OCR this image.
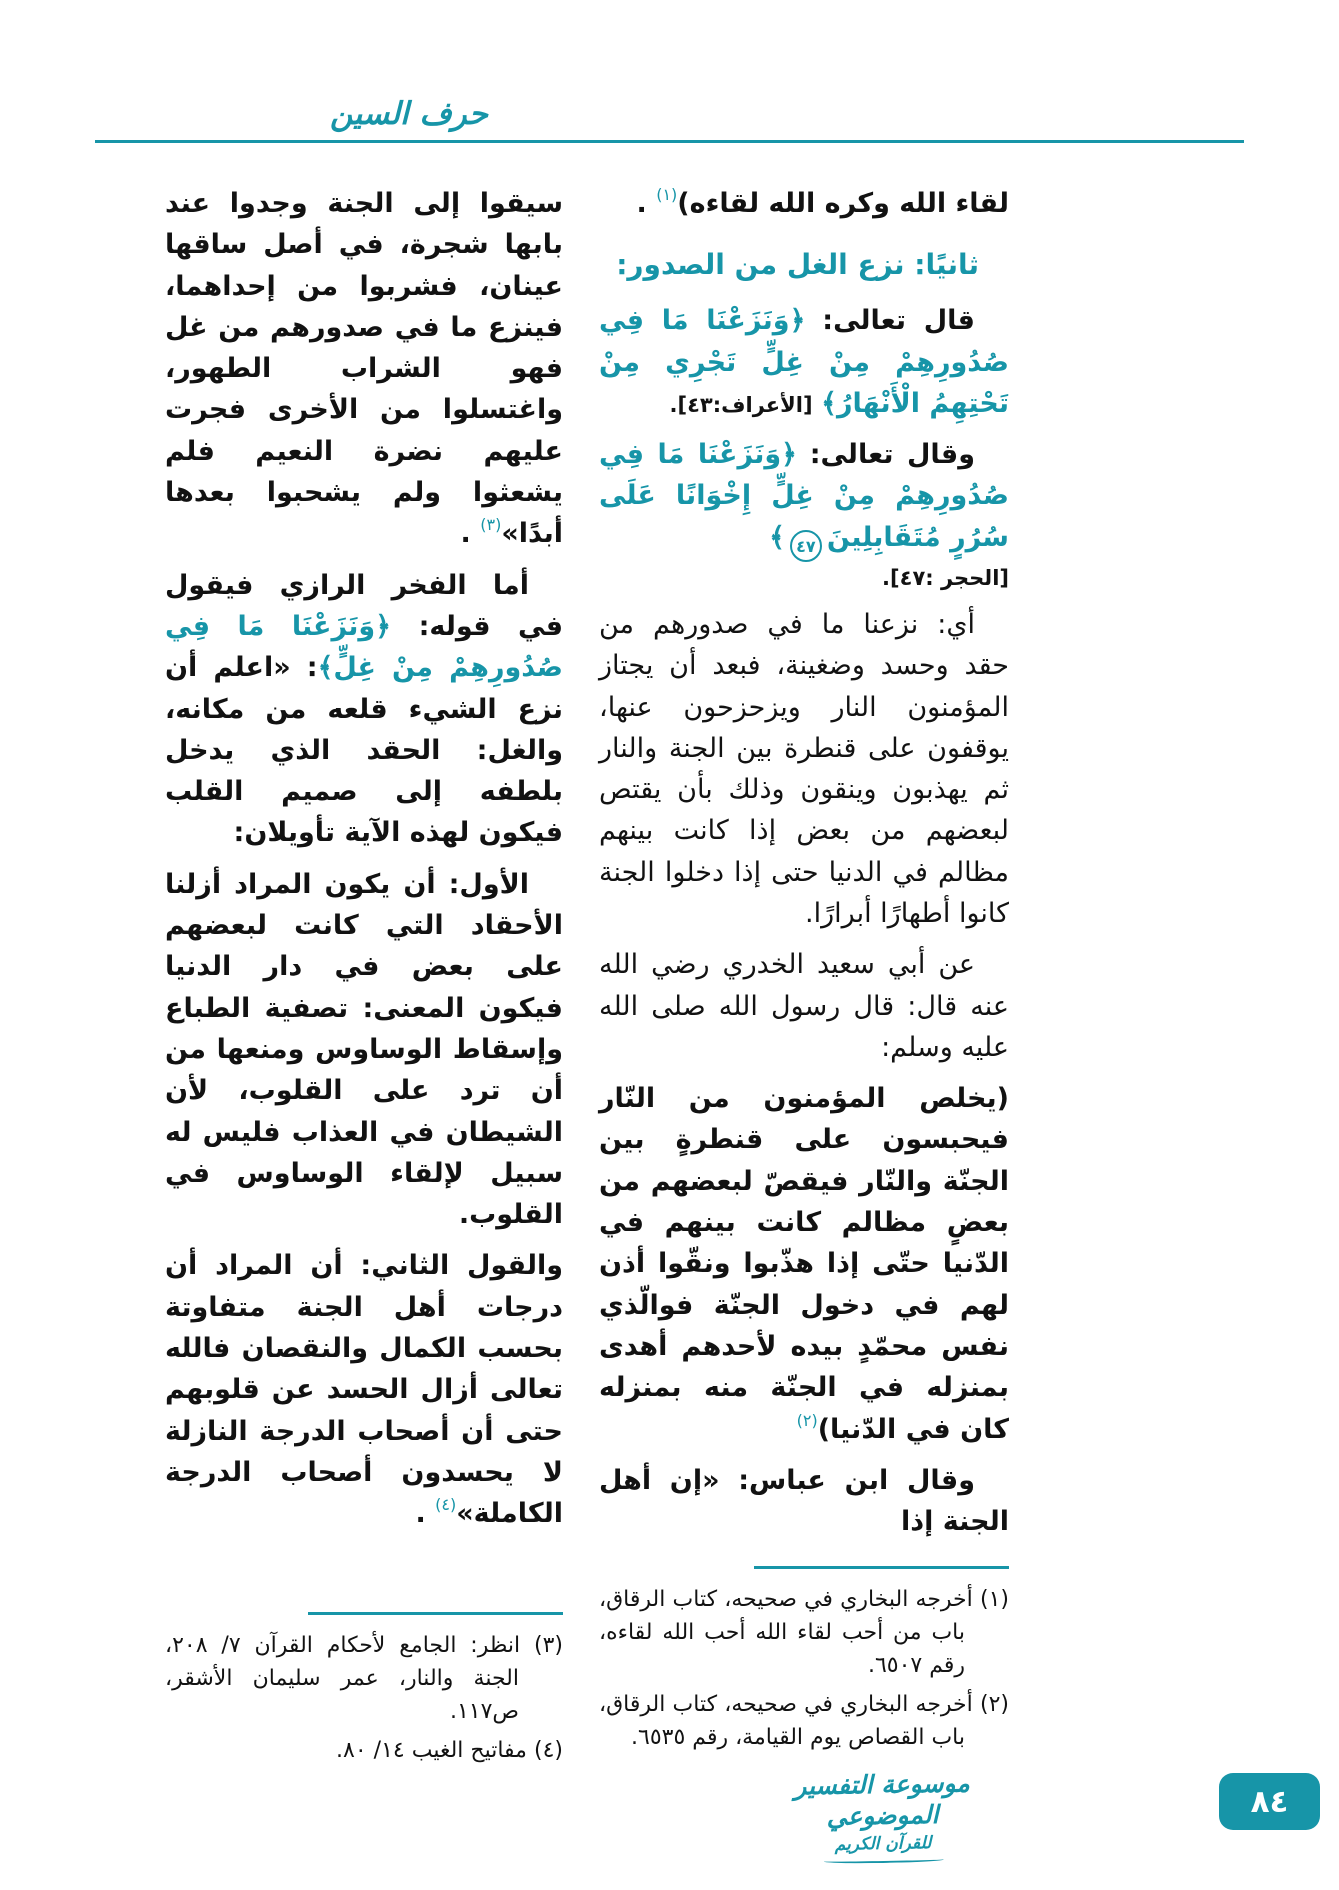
حرف السين

لقاء الله وكره الله لقاءه)$^{(١)}$ .

ثانيًا: نزع الغل من الصدور:

قال تعالى: ﴿وَنَزَعْنَا مَا فِي صُدُورِهِمْ مِنْ غِلٍّ تَجْرِي مِنْ تَحْتِهِمُ الْأَنْهَارُ﴾ [الأعراف:٤٣].

وقال تعالى: ﴿وَنَزَعْنَا مَا فِي صُدُورِهِمْ مِنْ غِلٍّ إِخْوَانًا عَلَى سُرُرٍ مُتَقَابِلِينَ٤٧﴾
[الحجر :٤٧].

أي: نزعنا ما في صدورهم من حقد وحسد وضغينة، فبعد أن يجتاز المؤمنون النار ويزحزحون عنها، يوقفون على قنطرة بين الجنة والنار ثم يهذبون وينقون وذلك بأن يقتص لبعضهم من بعض إذا كانت بينهم مظالم في الدنيا حتى إذا دخلوا الجنة كانوا أطهارًا أبرارًا.

عن أبي سعيد الخدري رضي الله عنه قال: قال رسول الله صلى الله عليه وسلم:

(يخلص المؤمنون من النّار فيحبسون على قنطرةٍ بين الجنّة والنّار فيقصّ لبعضهم من بعضٍ مظالم كانت بينهم في الدّنيا حتّى إذا هذّبوا ونقّوا أذن لهم في دخول الجنّة فوالّذي نفس محمّدٍ بيده لأحدهم أهدى بمنزله في الجنّة منه بمنزله كان في الدّنيا)$^{(٢)}$

وقال ابن عباس: «إن أهل الجنة إذا

(١) أخرجه البخاري في صحيحه، كتاب الرقاق، باب من أحب لقاء الله أحب الله لقاءه، رقم ٦٥٠٧.
(٢) أخرجه البخاري في صحيحه، كتاب الرقاق، باب القصاص يوم القيامة، رقم ٦٥٣٥.

سيقوا إلى الجنة وجدوا عند بابها شجرة، في أصل ساقها عينان، فشربوا من إحداهما، فينزع ما في صدورهم من غل فهو الشراب الطهور، واغتسلوا من الأخرى فجرت عليهم نضرة النعيم فلم يشعثوا ولم يشحبوا بعدها أبدًا»$^{(٣)}$ .

أما الفخر الرازي فيقول في قوله: ﴿وَنَزَعْنَا مَا فِي صُدُورِهِمْ مِنْ غِلٍّ﴾: «اعلم أن نزع الشيء قلعه من مكانه، والغل: الحقد الذي يدخل بلطفه إلى صميم القلب فيكون لهذه الآية تأويلان:

الأول: أن يكون المراد أزلنا الأحقاد التي كانت لبعضهم على بعض في دار الدنيا فيكون المعنى: تصفية الطباع وإسقاط الوساوس ومنعها من أن ترد على القلوب، لأن الشيطان في العذاب فليس له سبيل لإلقاء الوساوس في القلوب.

والقول الثاني: أن المراد أن درجات أهل الجنة متفاوتة بحسب الكمال والنقصان فالله تعالى أزال الحسد عن قلوبهم حتى أن أصحاب الدرجة النازلة لا يحسدون أصحاب الدرجة الكاملة»$^{(٤)}$ .

(٣) انظر: الجامع لأحكام القرآن ٧/ ٢٠٨، الجنة والنار، عمر سليمان الأشقر، ص١١٧.
(٤) مفاتيح الغيب ١٤/ ٨٠.
موسوعة التفسير الموضوعي
للقرآن الكريم
٨٤
